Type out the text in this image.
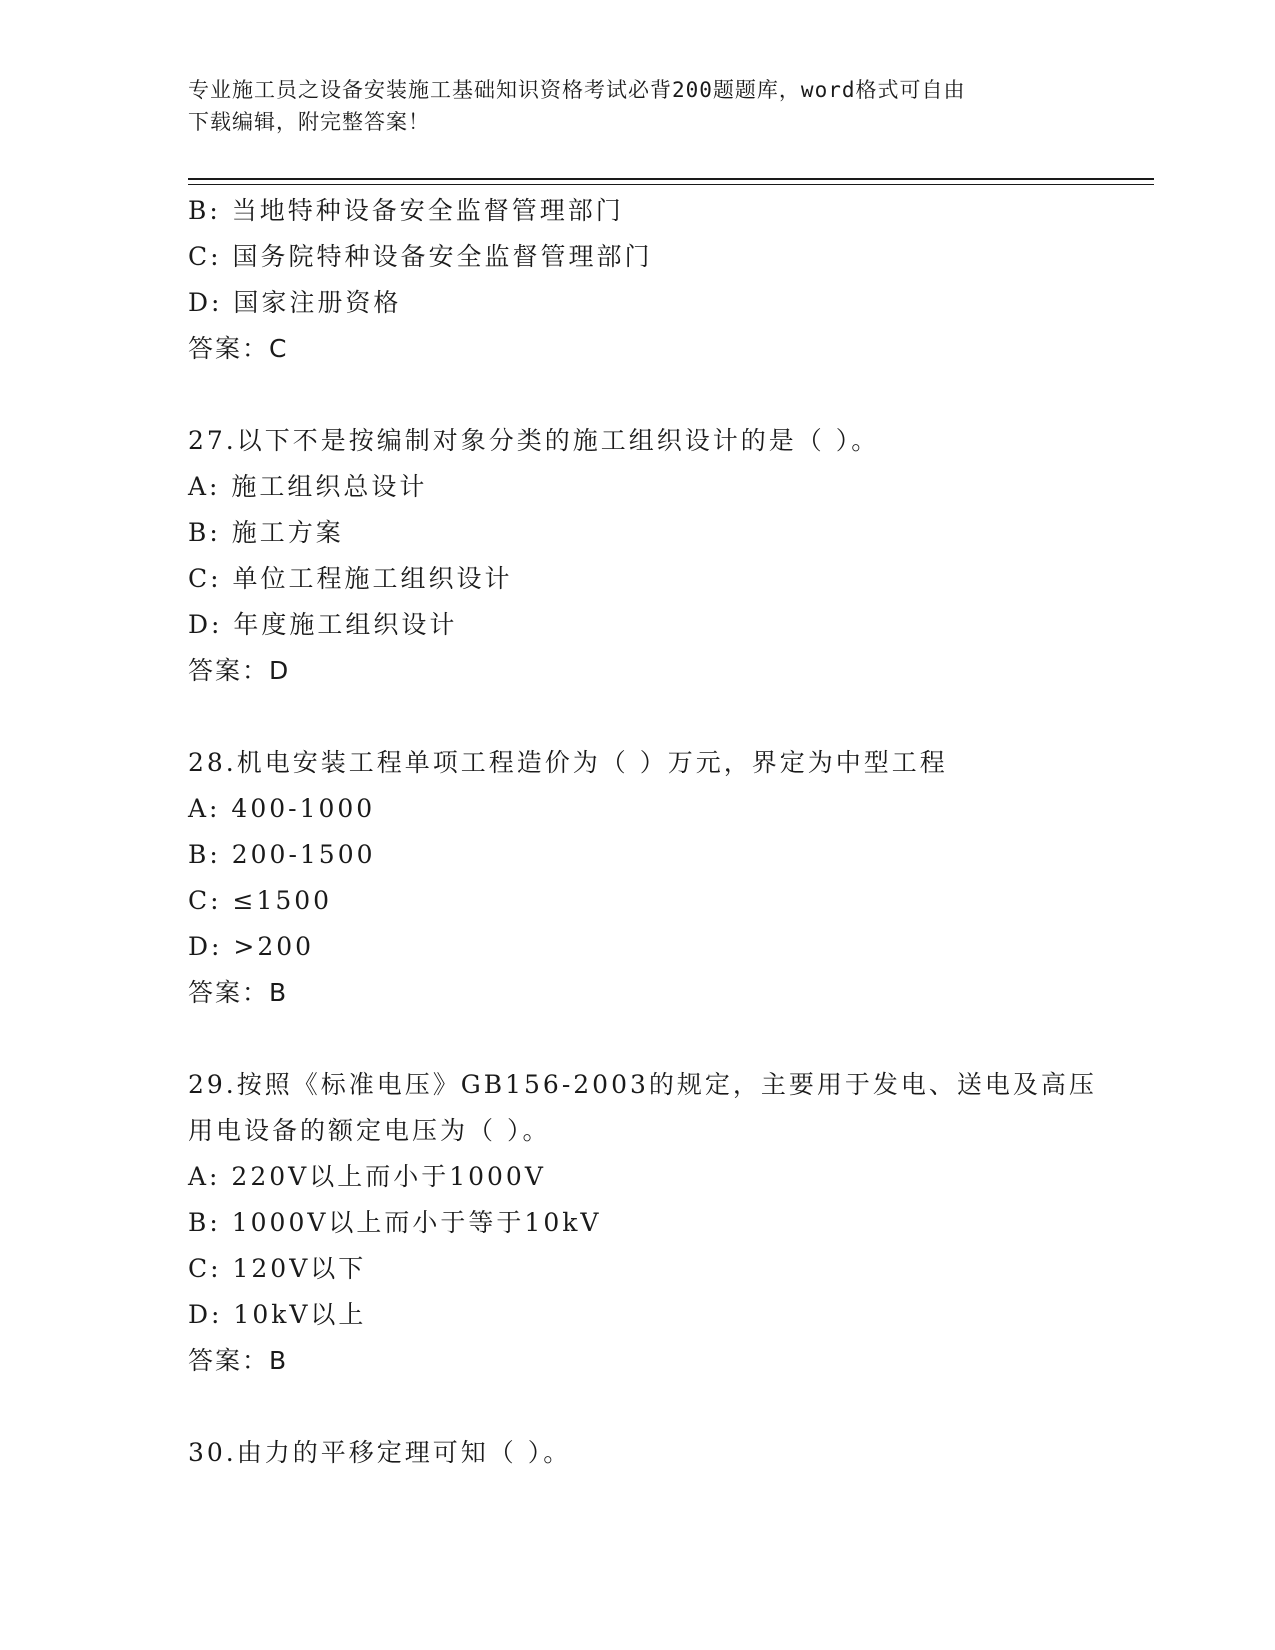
专业施工员之设备安装施工基础知识资格考试必背200题题库，word格式可自由
下载编辑，附完整答案！
B: 当地特种设备安全监督管理部门
C: 国务院特种设备安全监督管理部门
D: 国家注册资格
答案：C
27.以下不是按编制对象分类的施工组织设计的是（ ）。
A: 施工组织总设计
B: 施工方案
C: 单位工程施工组织设计
D: 年度施工组织设计
答案：D
28.机电安装工程单项工程造价为（ ）万元，界定为中型工程
A: 400-1000
B: 200-1500
C: ≤1500
D: >200
答案：B
29.按照《标准电压》GB156-2003的规定，主要用于发电、送电及高压
用电设备的额定电压为（ ）。
A: 220V以上而小于1000V
B: 1000V以上而小于等于10kV
C: 120V以下
D: 10kV以上
答案：B
30.由力的平移定理可知（ ）。
